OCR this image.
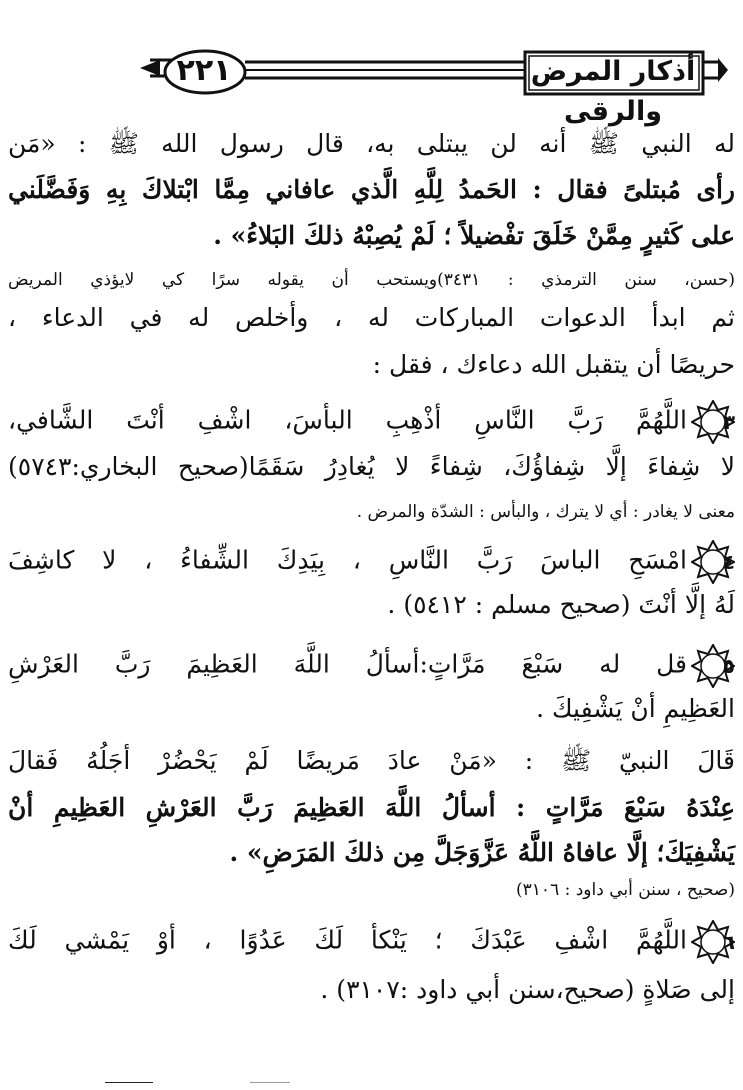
٢٢١	أذكار المرض والرقى
له النبي ﷺ أنه لن يبتلى به، قال رسول الله ﷺ : «مَن
رأى مُبتلىً فقال : الحَمدُ لِلَّهِ الَّذي عافاني مِمَّا ابْتلاكَ بِهِ وَفَضَّلَني
على كَثيرٍ مِمَّنْ خَلَقَ تفْضيلاً ؛ لَمْ يُصِبْهُ ذلكَ البَلاءُ» .
(حسن، سنن الترمذي : ٣٤٣١)ويستحب أن يقوله سرًا كي لايؤذي المريض
ثم ابدأ الدعوات المباركات له ، وأخلص له في الدعاء ،
حريصًا أن يتقبل الله دعاءك ، فقل :
٣
اللَّهُمَّ رَبَّ النَّاسِ أذْهِبِ البأسَ، اشْفِ أنْتَ الشَّافي،
لا شِفاءَ إلَّا شِفاؤُكَ، شِفاءً لا يُغادِرُ سَقَمًا(صحيح البخاري:٥٧٤٣)
معنى لا يغادر : أي لا يترك ، والبأس : الشدّة والمرض .
٤
امْسَحِ الباسَ رَبَّ النَّاسِ ، بِيَدِكَ الشِّفاءُ ، لا كاشِفَ
لَهُ إلَّا أنْتَ (صحيح مسلم : ٥٤١٢) .
٥
قل له سَبْعَ مَرَّاتٍ:أسألُ اللَّهَ العَظِيمَ رَبَّ العَرْشِ
العَظِيمِ أنْ يَشْفِيكَ .
قَالَ النبيّ ﷺ : «مَنْ عادَ مَريضًا لَمْ يَحْضُرْ أجَلُهُ فَقالَ
عِنْدَهُ سَبْعَ مَرَّاتٍ : أسألُ اللَّهَ العَظِيمَ رَبَّ العَرْشِ العَظِيمِ أنْ
يَشْفِيَكَ؛ إلَّا عافاهُ اللَّهُ عَزَّوَجَلَّ مِن ذلكَ المَرَضِ» .
(صحيح ، سنن أبي داود : ٣١٠٦)
٦
اللَّهُمَّ اشْفِ عَبْدَكَ ؛ يَنْكأ لَكَ عَدُوًا ، أوْ يَمْشي لَكَ
إلى صَلاةٍ (صحيح،سنن أبي داود :٣١٠٧) .
